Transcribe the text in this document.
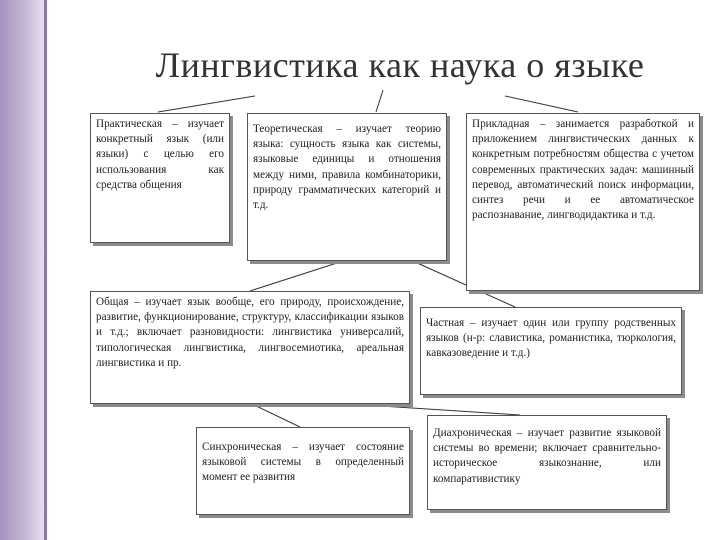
Лингвистика как наука о языке
Практическая – изучает конкретный язык (или языки) с целью его использования как средства общения
Теоретическая – изучает теорию языка: сущность языка как системы, языковые единицы и отношения между ними, правила комбинаторики, природу грамматических категорий и т.д.
Прикладная – занимается разработкой и приложением лингвистических данных к конкретным потребностям общества с учетом современных практических задач: машинный перевод, автоматический поиск информации, синтез речи и ее автоматическое распознавание, лингводидактика и т.д.
Общая – изучает язык вообще, его природу, происхождение, развитие, функционирование, структуру, классификации языков и т.д.; включает разновидности: лингвистика универсалий, типологическая лингвистика, лингвосемиотика, ареальная лингвистика и пр.
Частная – изучает один или группу родственных языков (н-р: славистика, романистика, тюркология, кавказоведение и т.д.)
Синхроническая – изучает состояние языковой системы в определенный момент ее развития
Диахроническая – изучает развитие языковой системы во времени; включает сравнительно-историческое языкознание, или компаративистику
